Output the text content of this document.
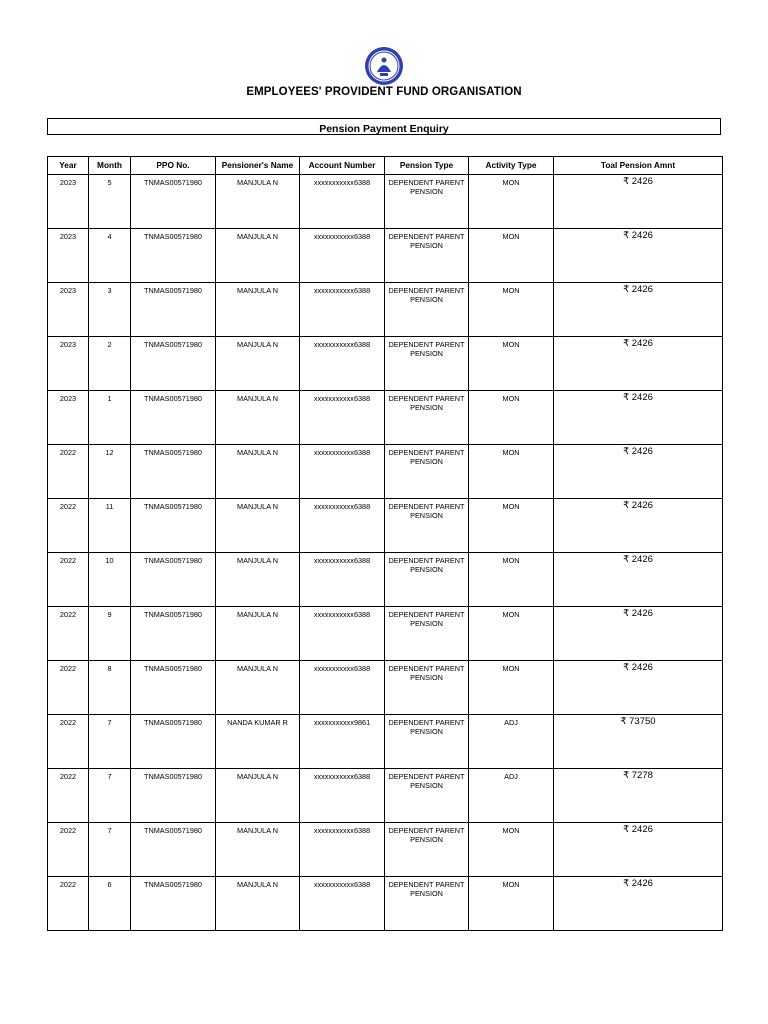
EMPLOYEES' PROVIDENT FUND ORGANISATION
Pension Payment Enquiry
Year	Month	PPO No.	Pensioner's Name	Account Number	Pension Type	Activity Type	Toal Pension Amnt
2023	5	TNMAS00571980	MANJULA N	xxxxxxxxxxx6388	DEPENDENT PARENT PENSION	MON	₹ 2426
2023	4	TNMAS00571980	MANJULA N	xxxxxxxxxxx6388	DEPENDENT PARENT PENSION	MON	₹ 2426
2023	3	TNMAS00571980	MANJULA N	xxxxxxxxxxx6388	DEPENDENT PARENT PENSION	MON	₹ 2426
2023	2	TNMAS00571980	MANJULA N	xxxxxxxxxxx6388	DEPENDENT PARENT PENSION	MON	₹ 2426
2023	1	TNMAS00571980	MANJULA N	xxxxxxxxxxx6388	DEPENDENT PARENT PENSION	MON	₹ 2426
2022	12	TNMAS00571980	MANJULA N	xxxxxxxxxxx6388	DEPENDENT PARENT PENSION	MON	₹ 2426
2022	11	TNMAS00571980	MANJULA N	xxxxxxxxxxx6388	DEPENDENT PARENT PENSION	MON	₹ 2426
2022	10	TNMAS00571980	MANJULA N	xxxxxxxxxxx6388	DEPENDENT PARENT PENSION	MON	₹ 2426
2022	9	TNMAS00571980	MANJULA N	xxxxxxxxxxx6388	DEPENDENT PARENT PENSION	MON	₹ 2426
2022	8	TNMAS00571980	MANJULA N	xxxxxxxxxxx6388	DEPENDENT PARENT PENSION	MON	₹ 2426
2022	7	TNMAS00571980	NANDA KUMAR R	xxxxxxxxxxx9861	DEPENDENT PARENT PENSION	ADJ	₹ 73750
2022	7	TNMAS00571980	MANJULA N	xxxxxxxxxxx6388	DEPENDENT PARENT PENSION	ADJ	₹ 7278
2022	7	TNMAS00571980	MANJULA N	xxxxxxxxxxx6388	DEPENDENT PARENT PENSION	MON	₹ 2426
2022	6	TNMAS00571980	MANJULA N	xxxxxxxxxxx6388	DEPENDENT PARENT PENSION	MON	₹ 2426
